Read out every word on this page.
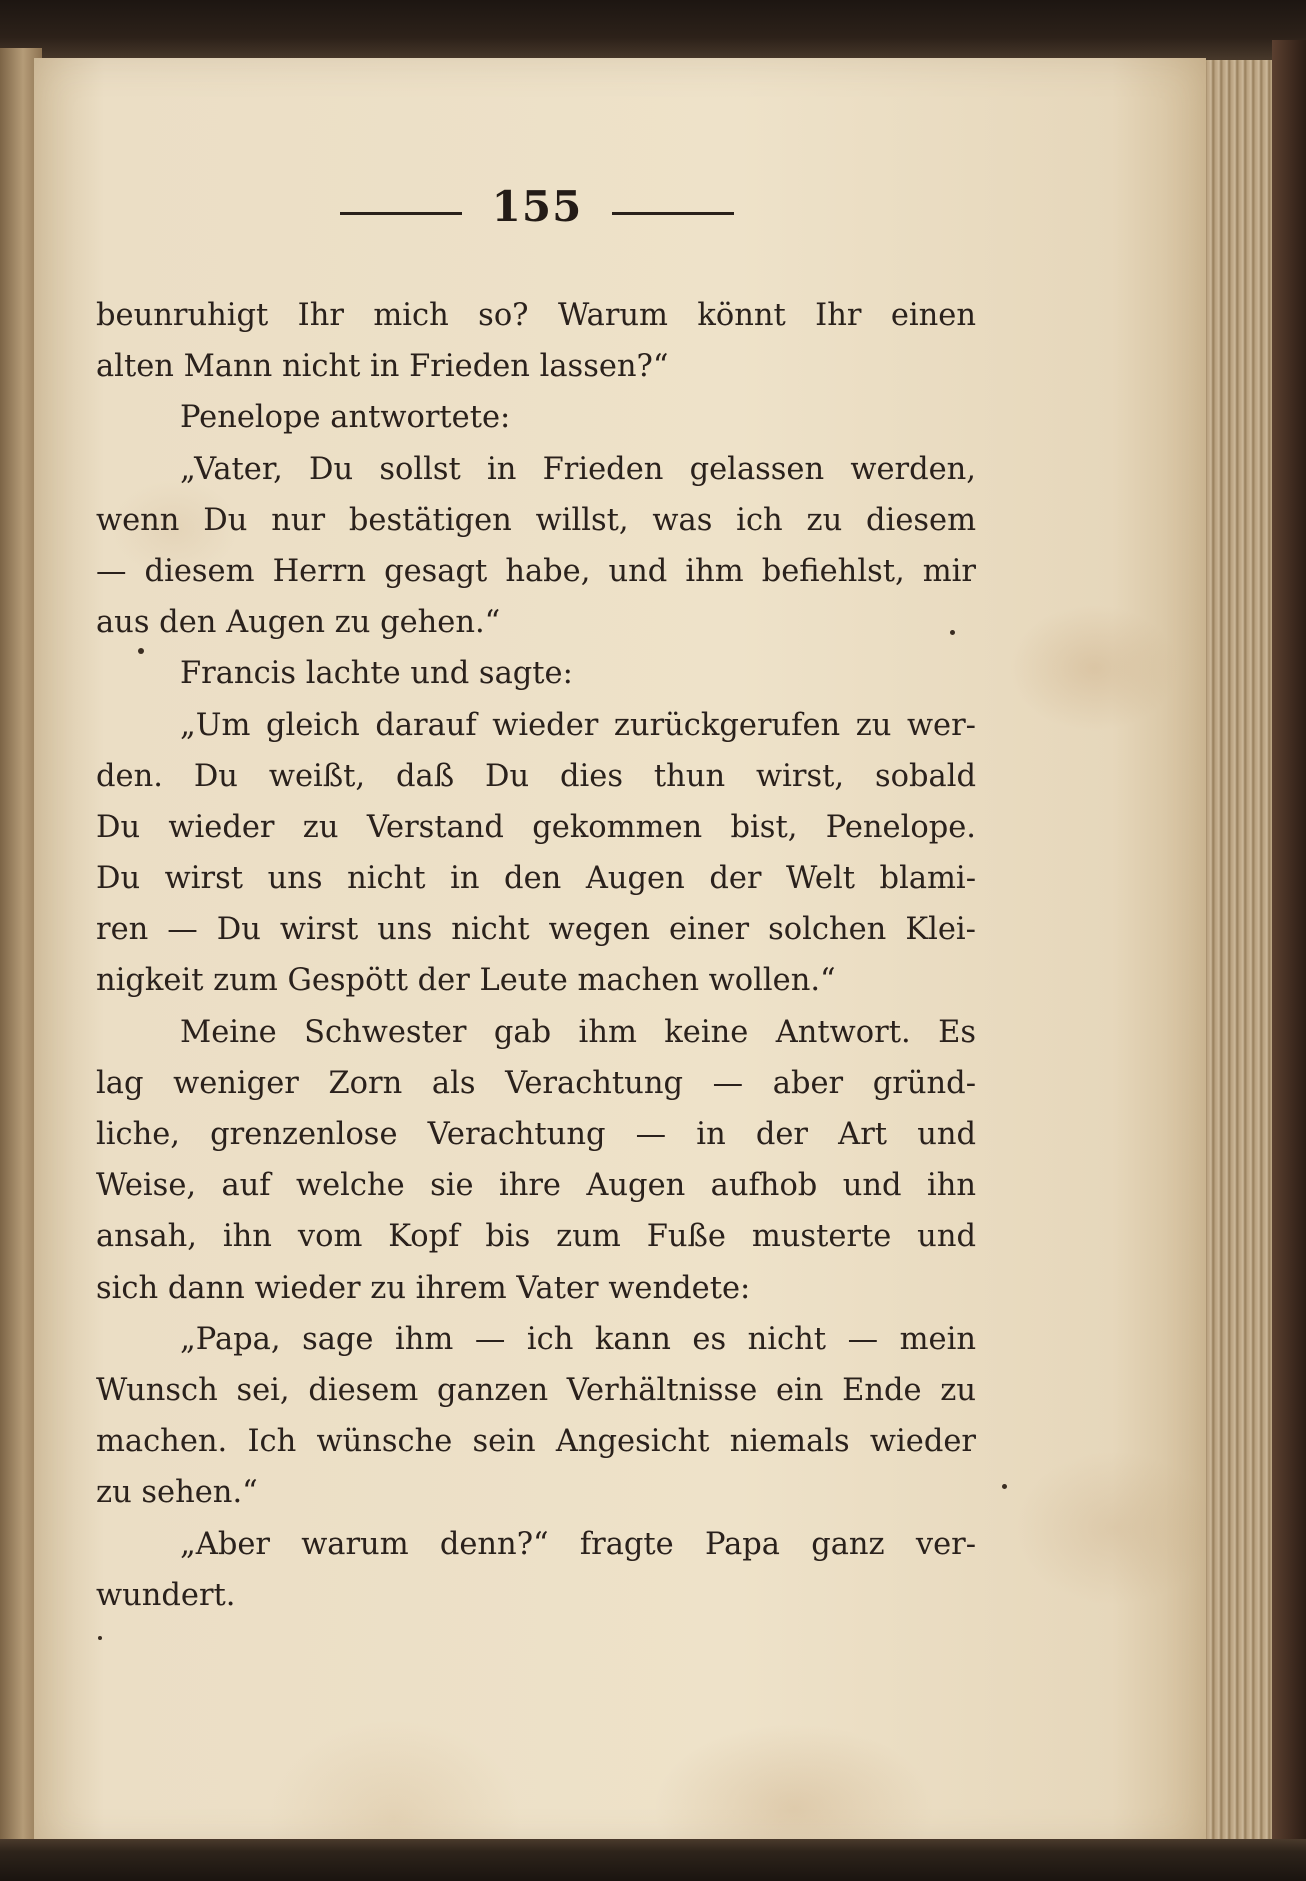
155
beunruhigt Ihr mich so? Warum könnt Ihr einen
alten Mann nicht in Frieden lassen?“
Penelope antwortete:
„Vater, Du sollst in Frieden gelassen werden,
wenn Du nur bestätigen willst, was ich zu diesem
— diesem Herrn gesagt habe, und ihm befiehlst, mir
aus den Augen zu gehen.“
Francis lachte und sagte:
„Um gleich darauf wieder zurückgerufen zu wer-
den. Du weißt, daß Du dies thun wirst, sobald
Du wieder zu Verstand gekommen bist, Penelope.
Du wirst uns nicht in den Augen der Welt blami-
ren — Du wirst uns nicht wegen einer solchen Klei-
nigkeit zum Gespött der Leute machen wollen.“
Meine Schwester gab ihm keine Antwort. Es
lag weniger Zorn als Verachtung — aber gründ-
liche, grenzenlose Verachtung — in der Art und
Weise, auf welche sie ihre Augen aufhob und ihn
ansah, ihn vom Kopf bis zum Fuße musterte und
sich dann wieder zu ihrem Vater wendete:
„Papa, sage ihm — ich kann es nicht — mein
Wunsch sei, diesem ganzen Verhältnisse ein Ende zu
machen. Ich wünsche sein Angesicht niemals wieder
zu sehen.“
„Aber warum denn?“ fragte Papa ganz ver-
wundert.
